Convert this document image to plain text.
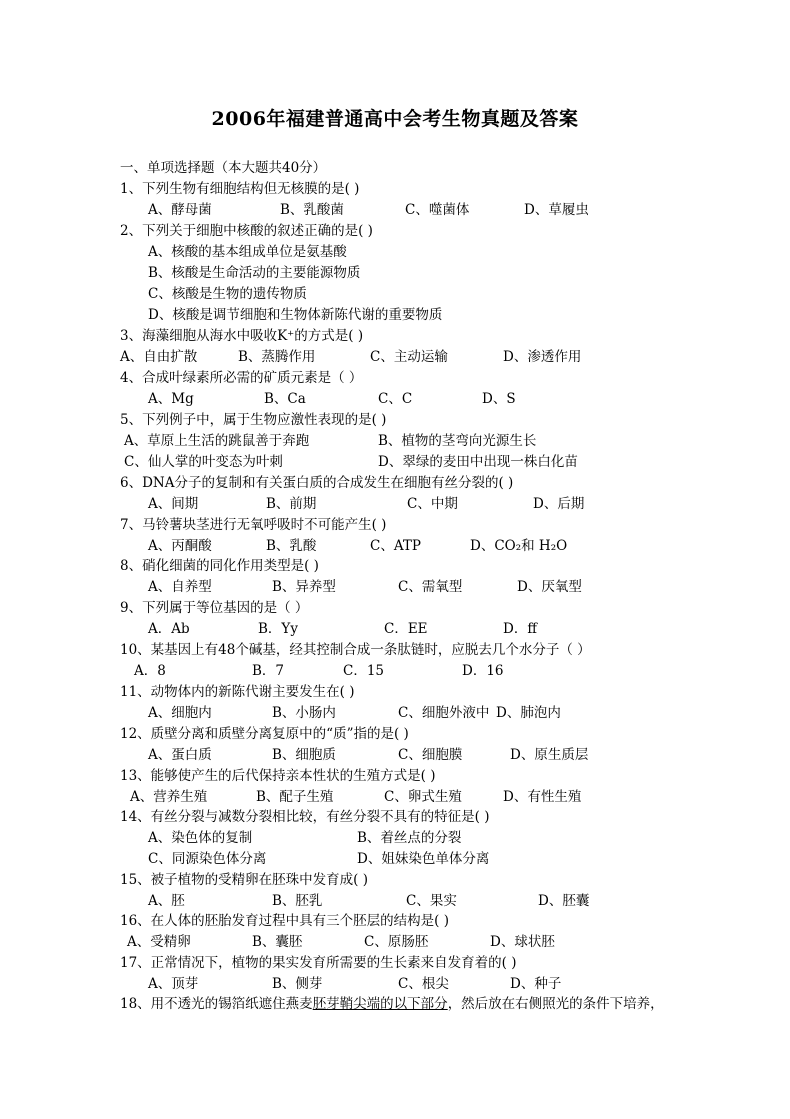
2006年福建普通高中会考生物真题及答案
一、单项选择题（本大题共40分）
1、下列生物有细胞结构但无核膜的是( )
A、酵母菌	B、乳酸菌	C、噬菌体	D、草履虫
2、下列关于细胞中核酸的叙述正确的是( )
A、核酸的基本组成单位是氨基酸
B、核酸是生命活动的主要能源物质
C、核酸是生物的遗传物质
D、核酸是调节细胞和生物体新陈代谢的重要物质
3、海藻细胞从海水中吸收K⁺的方式是( )
A、自由扩散	B、蒸腾作用	C、主动运输	D、渗透作用
4、合成叶绿素所必需的矿质元素是（ ）
A、Mg	B、Ca	C、C	D、S
5、下列例子中，属于生物应激性表现的是( )
A、草原上生活的跳鼠善于奔跑	B、植物的茎弯向光源生长
C、仙人掌的叶变态为叶刺	D、翠绿的麦田中出现一株白化苗
6、DNA分子的复制和有关蛋白质的合成发生在细胞有丝分裂的( )
A、间期	B、前期	C、中期	D、后期
7、马铃薯块茎进行无氧呼吸时不可能产生( )
A、丙酮酸	B、乳酸	C、ATP	D、CO₂和 H₂O
8、硝化细菌的同化作用类型是( )
A、自养型	B、异养型	C、需氧型	D、厌氧型
9、下列属于等位基因的是（ ）
A．Ab	B．Yy	C．EE	D．ff
10、某基因上有48个碱基，经其控制合成一条肽链时，应脱去几个水分子（ ）
A．8	B．7	C．15	D．16
11、动物体内的新陈代谢主要发生在( )
A、细胞内	B、小肠内	C、细胞外液中 D、肺泡内
12、质壁分离和质壁分离复原中的“质”指的是( )
A、蛋白质	B、细胞质	C、细胞膜	D、原生质层
13、能够使产生的后代保持亲本性状的生殖方式是( )
A、营养生殖	B、配子生殖	C、卵式生殖	D、有性生殖
14、有丝分裂与减数分裂相比较，有丝分裂不具有的特征是( )
A、染色体的复制	B、着丝点的分裂
C、同源染色体分离	D、姐妹染色单体分离
15、被子植物的受精卵在胚珠中发育成( )
A、胚	B、胚乳	C、果实	D、胚囊
16、在人体的胚胎发育过程中具有三个胚层的结构是( )
A、受精卵	B、囊胚	C、原肠胚	D、球状胚
17、正常情况下，植物的果实发育所需要的生长素来自发育着的( )
A、顶芽	B、侧芽	C、根尖	D、种子
18、用不透光的锡箔纸遮住燕麦胚芽鞘尖端的以下部分，然后放在右侧照光的条件下培养，
